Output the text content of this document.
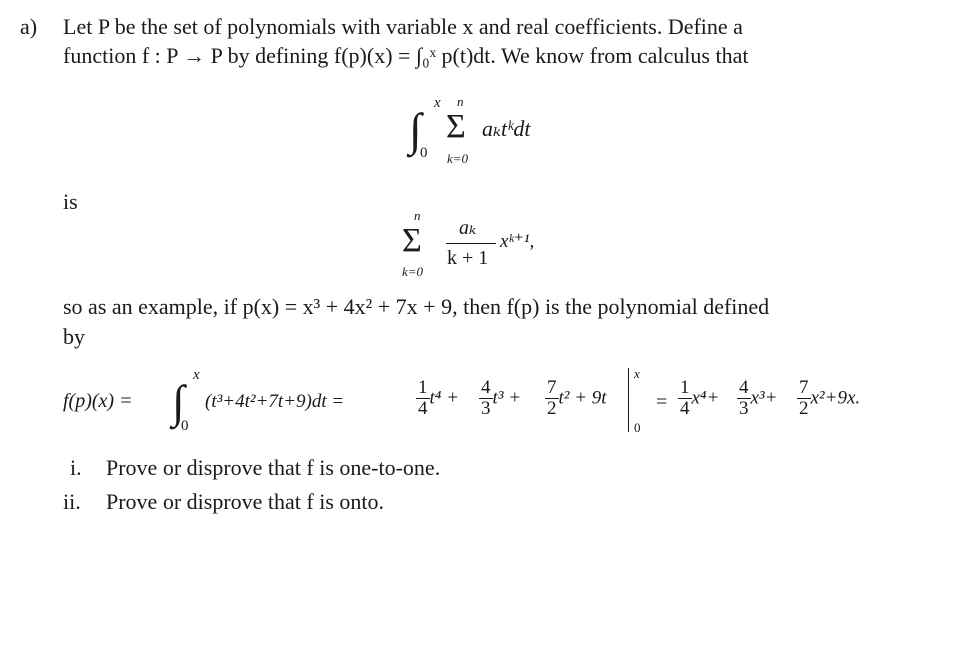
a) Let P be the set of polynomials with variable x and real coefficients. Define a
function f : P → P by defining f(p)(x) = ∫₀ˣ p(t)dt. We know from calculus that
x
∫
0
n
Σ
k=0
aₖtᵏdt
is
n
Σ
k=0
aₖ
k + 1
xᵏ⁺¹,
so as an example, if p(x) = x³ + 4x² + 7x + 9, then f(p) is the polynomial defined
by
f(p)(x) =
x
∫
0
(t³+4t²+7t+9)dt =	$\frac{1}{4} t^4 + \frac{4}{3} t^3 + \frac{7}{2} t^2 + 9t$
x
0
= $\frac{1}{4} x^4+ \frac{4}{3} x^3+ \frac{7}{2} x^2+9x$.
i. Prove or disprove that f is one-to-one.
ii. Prove or disprove that f is onto.
